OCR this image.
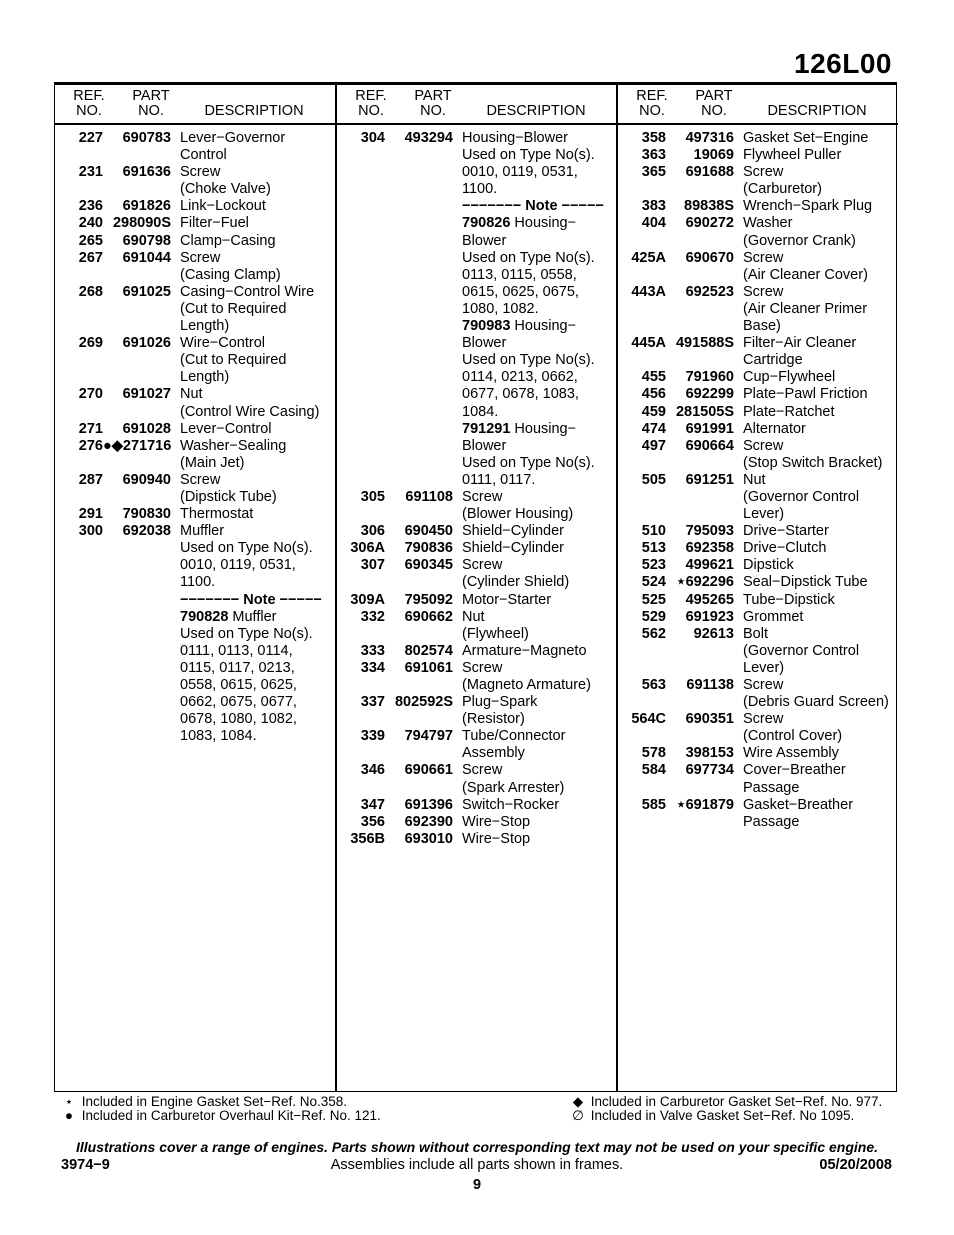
126L00
REF.
NO.
PART
NO.	DESCRIPTION
227	690783 Lever−Governor
Control
231	691636 Screw
(Choke Valve)
236	691826 Link−Lockout
240 298090S Filter−Fuel
265	690798 Clamp−Casing
267	691044 Screw
(Casing Clamp)
268	691025 Casing−Control Wire
(Cut to Required
Length)
269	691026 Wire−Control
(Cut to Required
Length)
270	691027 Nut
(Control Wire Casing)
271	691028 Lever−Control
276 ●◆271716 Washer−Sealing
(Main Jet)
287	690940 Screw
(Dipstick Tube)
291	790830 Thermostat
300	692038 Muffler
Used on Type No(s).
0010, 0119, 0531,
1100.
−−−−−−− Note −−−−−
790828 Muffler
Used on Type No(s).
0111, 0113, 0114,
0115, 0117, 0213,
0558, 0615, 0625,
0662, 0675, 0677,
0678, 1080, 1082,
1083, 1084.
REF.
NO.
PART
NO.	DESCRIPTION
304	493294 Housing−Blower
Used on Type No(s).
0010, 0119, 0531,
1100.
−−−−−−− Note −−−−−
790826 Housing−
Blower
Used on Type No(s).
0113, 0115, 0558,
0615, 0625, 0675,
1080, 1082.
790983 Housing−
Blower
Used on Type No(s).
0114, 0213, 0662,
0677, 0678, 1083,
1084.
791291 Housing−
Blower
Used on Type No(s).
0111, 0117.
305	691108 Screw
(Blower Housing)
306	690450 Shield−Cylinder
306A	790836 Shield−Cylinder
307	690345 Screw
(Cylinder Shield)
309A	795092 Motor−Starter
332	690662 Nut
(Flywheel)
333	802574 Armature−Magneto
334	691061 Screw
(Magneto Armature)
337 802592S Plug−Spark
(Resistor)
339	794797 Tube/Connector
Assembly
346	690661 Screw
(Spark Arrester)
347	691396 Switch−Rocker
356	692390 Wire−Stop
356B	693010 Wire−Stop
REF.
NO.
PART
NO.	DESCRIPTION
358	497316 Gasket Set−Engine
363	19069 Flywheel Puller
365	691688 Screw
(Carburetor)
383	89838S Wrench−Spark Plug
404	690272 Washer
(Governor Crank)
425A	690670 Screw
(Air Cleaner Cover)
443A	692523 Screw
(Air Cleaner Primer
Base)
445A 491588S Filter−Air Cleaner
Cartridge
455	791960 Cup−Flywheel
456	692299 Plate−Pawl Friction
459 281505S Plate−Ratchet
474	691991 Alternator
497	690664 Screw
(Stop Switch Bracket)
505	691251 Nut
(Governor Control
Lever)
510	795093 Drive−Starter
513	692358 Drive−Clutch
523	499621 Dipstick
524 ⋆692296 Seal−Dipstick Tube
525	495265 Tube−Dipstick
529	691923 Grommet
562	92613 Bolt
(Governor Control
Lever)
563	691138 Screw
(Debris Guard Screen)
564C	690351 Screw
(Control Cover)
578	398153 Wire Assembly
584	697734 Cover−Breather
Passage
585 ⋆691879 Gasket−Breather
Passage
⋆ Included in Engine Gasket Set−Ref. No.358.
● Included in Carburetor Overhaul Kit−Ref. No. 121.
◆ Included in Carburetor Gasket Set−Ref. No. 977.
∅ Included in Valve Gasket Set−Ref. No 1095.
Illustrations cover a range of engines. Parts shown without corresponding text may not be used on your specific engine.
3974−9	Assemblies include all parts shown in frames.	05/20/2008
9
